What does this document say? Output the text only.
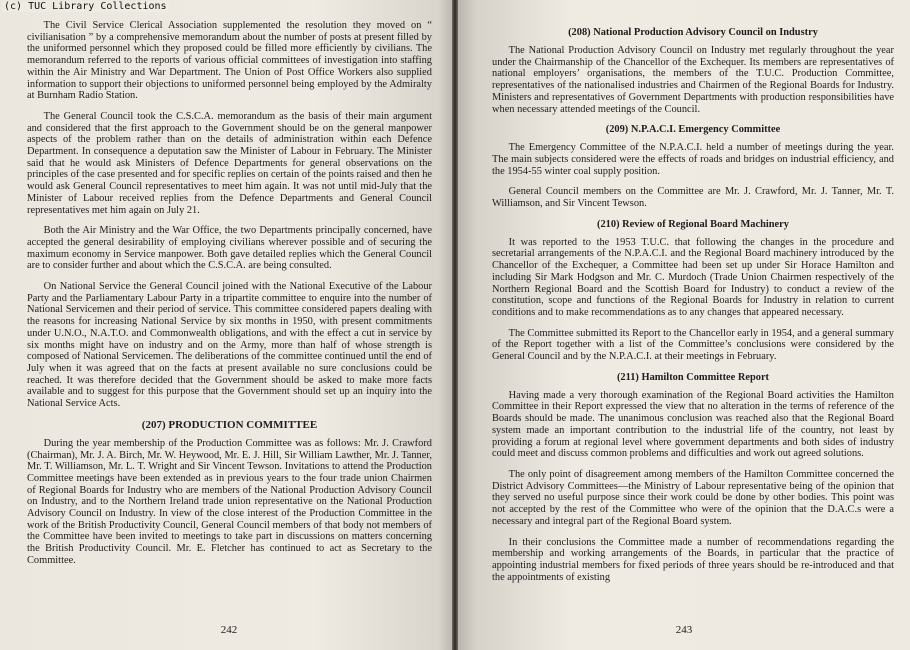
(c) TUC Library Collections

The Civil Service Clerical Association supplemented the resolution they moved on “ civilianisation ” by a comprehensive memorandum about the number of posts at present filled by the uniformed personnel which they proposed could be filled more efficiently by civilians. The memorandum referred to the reports of various official committees of investigation into staffing within the Air Ministry and War Department. The Union of Post Office Workers also supplied information to support their objections to uniformed personnel being employed by the Admiralty at Burnham Radio Station.

The General Council took the C.S.C.A. memorandum as the basis of their main argument and considered that the first approach to the Government should be on the general manpower aspects of the problem rather than on the details of administration within each Defence Department. In consequence a deputation saw the Minister of Labour in February. The Minister said that he would ask Ministers of Defence Departments for general observations on the principles of the case presented and for specific replies on certain of the points raised and then he would ask General Council representatives to meet him again. It was not until mid-July that the Minister of Labour received replies from the Defence Departments and General Council representatives met him again on July 21.

Both the Air Ministry and the War Office, the two Departments principally concerned, have accepted the general desirability of employing civilians wherever possible and of securing the maximum economy in Service manpower. Both gave detailed replies which the General Council are to consider further and about which the C.S.C.A. are being consulted.

On National Service the General Council joined with the National Executive of the Labour Party and the Parliamentary Labour Party in a tripartite committee to enquire into the number of National Servicemen and their period of service. This committee considered papers dealing with the reasons for increasing National Service by six months in 1950, with present commitments under U.N.O., N.A.T.O. and Commonwealth obligations, and with the effect a cut in service by six months might have on industry and on the Army, more than half of whose strength is composed of National Servicemen. The deliberations of the committee continued until the end of July when it was agreed that on the facts at present available no sure conclusions could be reached. It was therefore decided that the Government should be asked to make more facts available and to suggest for this purpose that the Government should set up an inquiry into the National Service Acts.

(207) PRODUCTION COMMITTEE

During the year membership of the Production Committee was as follows: Mr. J. Crawford (Chairman), Mr. J. A. Birch, Mr. W. Heywood, Mr. E. J. Hill, Sir William Lawther, Mr. J. Tanner, Mr. T. Williamson, Mr. L. T. Wright and Sir Vincent Tewson. Invitations to attend the Production Committee meetings have been extended as in previous years to the four trade union Chairmen of Regional Boards for Industry who are members of the National Production Advisory Council on Industry, and to the Northern Ireland trade union representative on the National Production Advisory Council on Industry. In view of the close interest of the Production Committee in the work of the British Productivity Council, General Council members of that body not members of the Committee have been invited to meetings to take part in discussions on matters concerning the British Productivity Council. Mr. E. Fletcher has continued to act as Secretary to the Committee.

242
(208) National Production Advisory Council on Industry

The National Production Advisory Council on Industry met regularly throughout the year under the Chairmanship of the Chancellor of the Exchequer. Its members are representatives of national employers’ organisations, the members of the T.U.C. Production Committee, representatives of the nationalised industries and Chairmen of the Regional Boards for Industry. Ministers and representatives of Government Departments with production responsibilities have when necessary attended meetings of the Council.

(209) N.P.A.C.I. Emergency Committee

The Emergency Committee of the N.P.A.C.I. held a number of meetings during the year. The main subjects considered were the effects of roads and bridges on industrial efficiency, and the 1954-55 winter coal supply position.

General Council members on the Committee are Mr. J. Crawford, Mr. J. Tanner, Mr. T. Williamson, and Sir Vincent Tewson.

(210) Review of Regional Board Machinery

It was reported to the 1953 T.U.C. that following the changes in the procedure and secretarial arrangements of the N.P.A.C.I. and the Regional Board machinery introduced by the Chancellor of the Exchequer, a Committee had been set up under Sir Horace Hamilton and including Sir Mark Hodgson and Mr. C. Murdoch (Trade Union Chairmen respectively of the Northern Regional Board and the Scottish Board for Industry) to conduct a review of the constitution, scope and functions of the Regional Boards for Industry in relation to current conditions and to make recommendations as to any changes that appeared necessary.

The Committee submitted its Report to the Chancellor early in 1954, and a general summary of the Report together with a list of the Committee’s conclusions were considered by the General Council and by the N.P.A.C.I. at their meetings in February.

(211) Hamilton Committee Report

Having made a very thorough examination of the Regional Board activities the Hamilton Committee in their Report expressed the view that no alteration in the terms of reference of the Boards should be made. The unanimous conclusion was reached also that the Regional Board system made an important contribution to the industrial life of the country, not least by providing a forum at regional level where government departments and both sides of industry could meet and discuss common problems and difficulties and work out agreed solutions.

The only point of disagreement among members of the Hamilton Committee concerned the District Advisory Committees—the Ministry of Labour representative being of the opinion that they served no useful purpose since their work could be done by other bodies. This point was not accepted by the rest of the Committee who were of the opinion that the D.A.C.s were a necessary and integral part of the Regional Board system.

In their conclusions the Committee made a number of recommendations regarding the membership and working arrangements of the Boards, in particular that the practice of appointing industrial members for fixed periods of three years should be re-introduced and that the appointments of existing

243
